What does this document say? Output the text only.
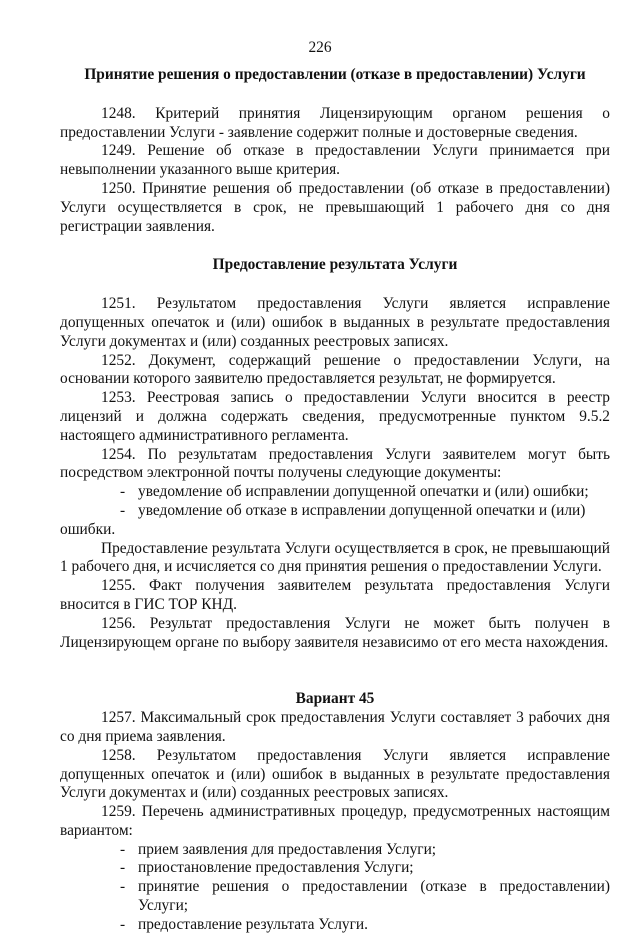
226
Принятие решения о предоставлении (отказе в предоставлении) Услуги

1248. Критерий принятия Лицензирующим органом решения о предоставлении Услуги - заявление содержит полные и достоверные сведения.

1249. Решение об отказе в предоставлении Услуги принимается при невыполнении указанного выше критерия.

1250. Принятие решения об предоставлении (об отказе в предоставлении) Услуги осуществляется в срок, не превышающий 1 рабочего дня со дня регистрации заявления.

Предоставление результата Услуги

1251. Результатом предоставления Услуги является исправление допущенных опечаток и (или) ошибок в выданных в результате предоставления Услуги документах и (или) созданных реестровых записях.

1252. Документ, содержащий решение о предоставлении Услуги, на основании которого заявителю предоставляется результат, не формируется.

1253. Реестровая запись о предоставлении Услуги вносится в реестр лицензий и должна содержать сведения, предусмотренные пунктом 9.5.2 настоящего административного регламента.

1254. По результатам предоставления Услуги заявителем могут быть посредством электронной почты получены следующие документы:

- уведомление об исправлении допущенной опечатки и (или) ошибки;
- уведомление об отказе в исправлении допущенной опечатки и (или)

ошибки.

Предоставление результата Услуги осуществляется в срок, не превышающий 1 рабочего дня, и исчисляется со дня принятия решения о предоставлении Услуги.

1255. Факт получения заявителем результата предоставления Услуги вносится в ГИС ТОР КНД.

1256. Результат предоставления Услуги не может быть получен в Лицензирующем органе по выбору заявителя независимо от его места нахождения.

Вариант 45

1257. Максимальный срок предоставления Услуги составляет 3 рабочих дня со дня приема заявления.

1258. Результатом предоставления Услуги является исправление допущенных опечаток и (или) ошибок в выданных в результате предоставления Услуги документах и (или) созданных реестровых записях.

1259. Перечень административных процедур, предусмотренных настоящим вариантом:

- прием заявления для предоставления Услуги;
- приостановление предоставления Услуги;
- принятие решения о предоставлении (отказе в предоставлении) Услуги;
- предоставление результата Услуги.
